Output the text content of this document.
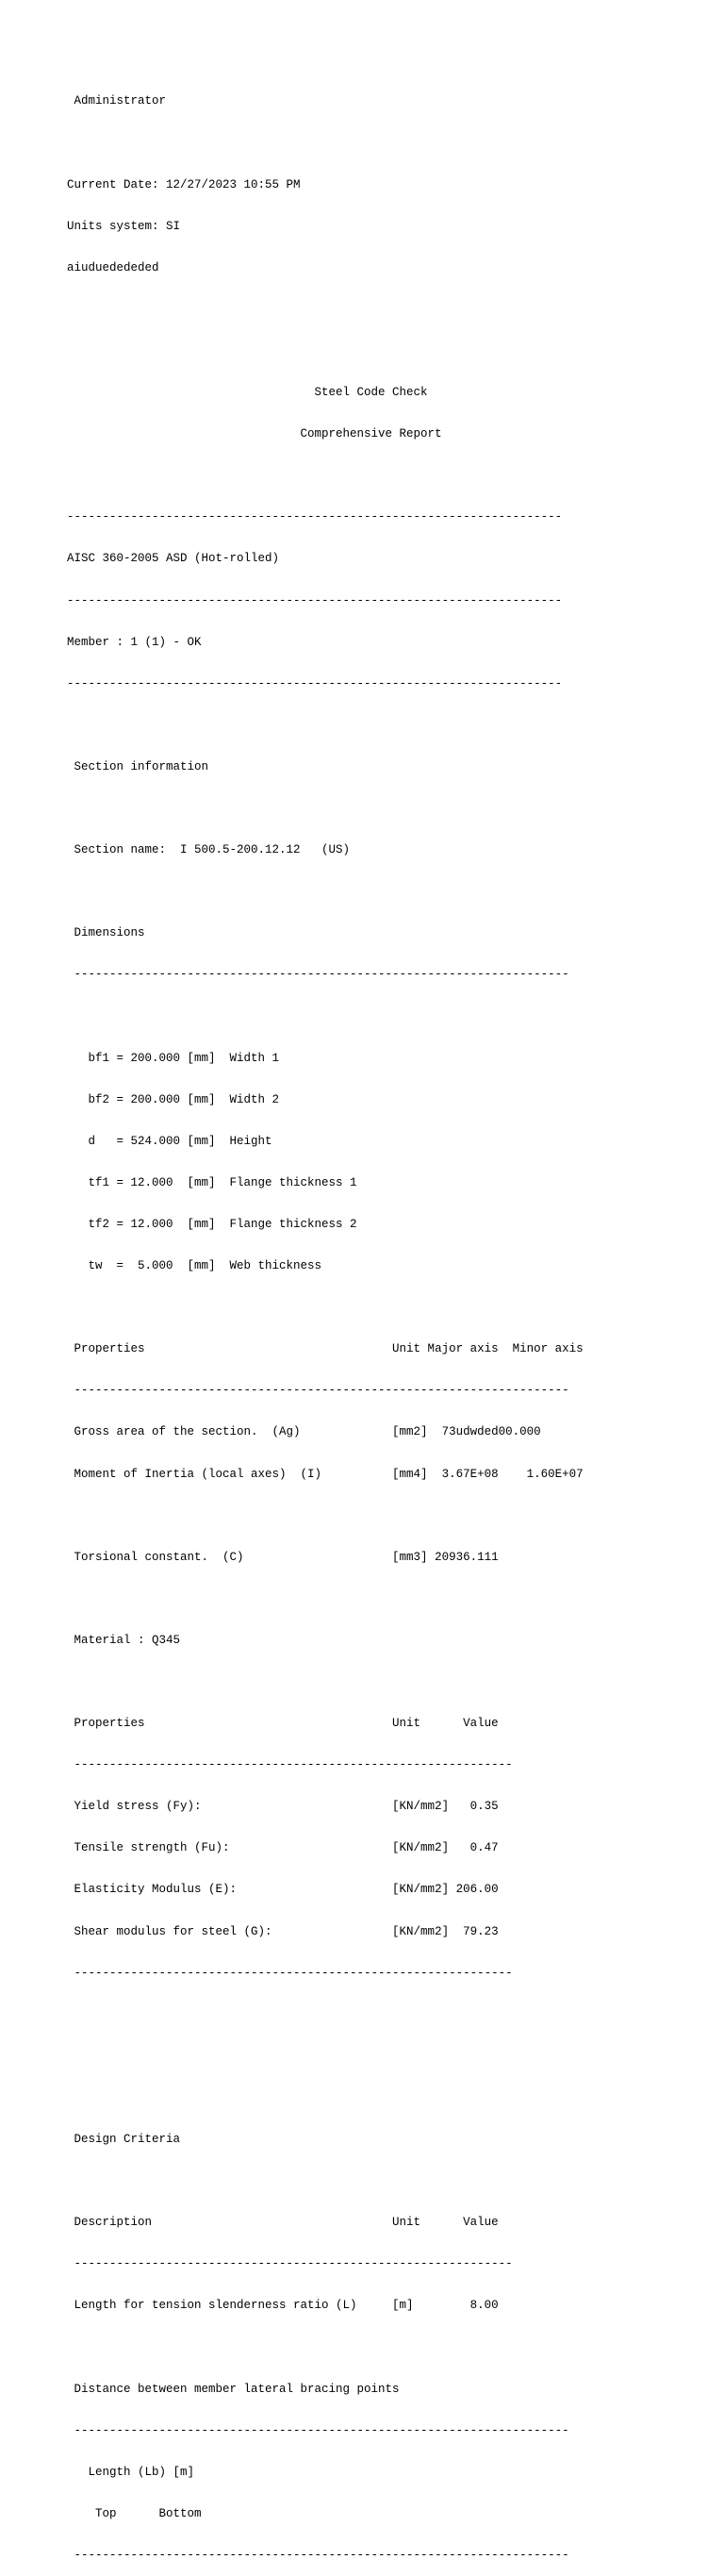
Administrator

Current Date: 12/27/2023 10:55 PM

Units system: SI

aiuduedededed

Steel Code Check

Comprehensive Report

----------------------------------------------------------------------

AISC 360-2005 ASD (Hot-rolled)

----------------------------------------------------------------------

Member : 1 (1) - OK

----------------------------------------------------------------------

Section information

Section name:  I 500.5-200.12.12   (US)

Dimensions

----------------------------------------------------------------------

bf1 = 200.000 [mm]  Width 1

bf2 = 200.000 [mm]  Width 2

d   = 524.000 [mm]  Height

tf1 = 12.000  [mm]  Flange thickness 1

tf2 = 12.000  [mm]  Flange thickness 2

tw  =  5.000  [mm]  Web thickness

Properties                                   Unit Major axis  Minor axis

----------------------------------------------------------------------

Gross area of the section.  (Ag)             [mm2]  73udwded00.000

Moment of Inertia (local axes)  (I)          [mm4]  3.67E+08    1.60E+07

Torsional constant.  (C)                     [mm3] 20936.111

Material : Q345

Properties                                   Unit      Value

--------------------------------------------------------------

Yield stress (Fy):                           [KN/mm2]   0.35

Tensile strength (Fu):                       [KN/mm2]   0.47

Elasticity Modulus (E):                      [KN/mm2] 206.00

Shear modulus for steel (G):                 [KN/mm2]  79.23

--------------------------------------------------------------

Design Criteria

Description                                  Unit      Value

--------------------------------------------------------------

Length for tension slenderness ratio (L)     [m]        8.00

Distance between member lateral bracing points

----------------------------------------------------------------------

Length (Lb) [m]

Top      Bottom

----------------------------------------------------------------------
